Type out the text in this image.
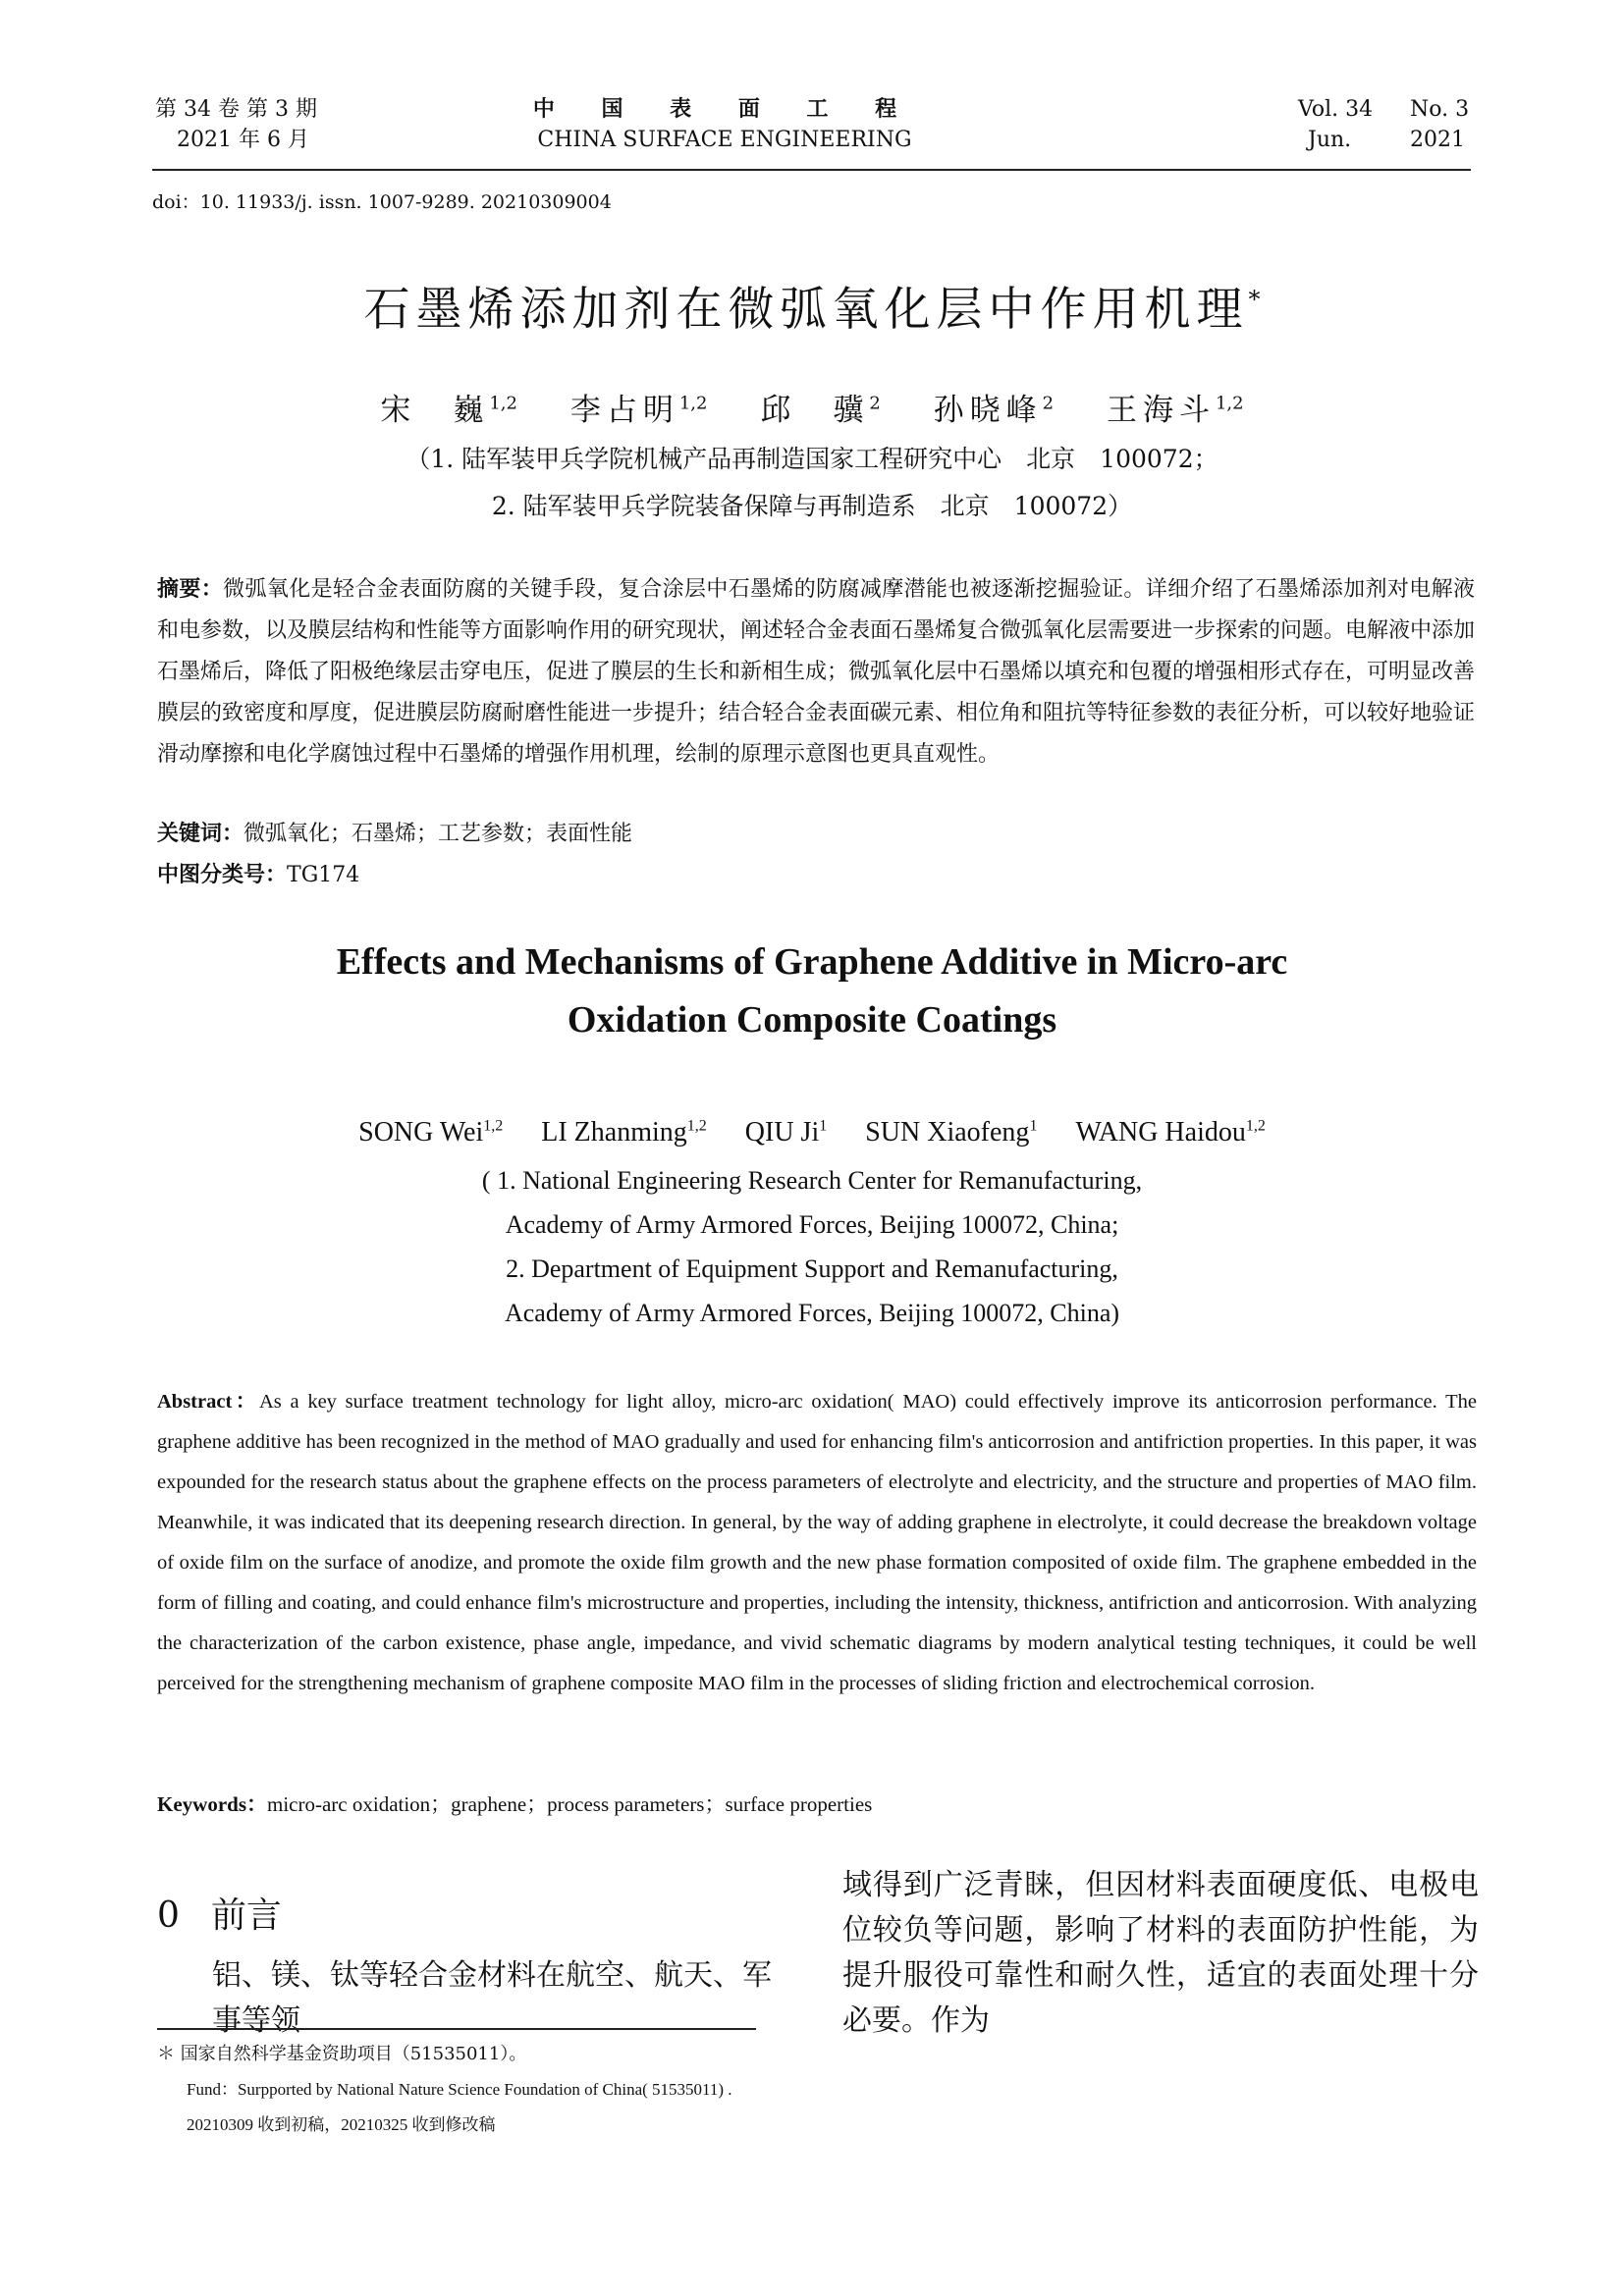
第 34 卷 第 3 期
2021 年 6 月
中 国 表 面 工 程
CHINA SURFACE ENGINEERING
Vol. 34
Jun.
No. 3
2021
doi：10. 11933/j. issn. 1007-9289. 20210309004
石墨烯添加剂在微弧氧化层中作用机理*
宋　巍$^{1,2}$ 李占明$^{1,2}$ 邱　骥$^2$ 孙晓峰$^2$ 王海斗$^{1,2}$
（1. 陆军装甲兵学院机械产品再制造国家工程研究中心　北京　100072；
2. 陆军装甲兵学院装备保障与再制造系　北京　100072）
摘要：微弧氧化是轻合金表面防腐的关键手段，复合涂层中石墨烯的防腐减摩潜能也被逐渐挖掘验证。详细介绍了石墨烯添加剂对电解液和电参数，以及膜层结构和性能等方面影响作用的研究现状，阐述轻合金表面石墨烯复合微弧氧化层需要进一步探索的问题。电解液中添加石墨烯后，降低了阳极绝缘层击穿电压，促进了膜层的生长和新相生成；微弧氧化层中石墨烯以填充和包覆的增强相形式存在，可明显改善膜层的致密度和厚度，促进膜层防腐耐磨性能进一步提升；结合轻合金表面碳元素、相位角和阻抗等特征参数的表征分析，可以较好地验证滑动摩擦和电化学腐蚀过程中石墨烯的增强作用机理，绘制的原理示意图也更具直观性。
关键词：微弧氧化；石墨烯；工艺参数；表面性能
中图分类号：TG174
Effects and Mechanisms of Graphene Additive in Micro-arc
Oxidation Composite Coatings
SONG Wei$^{1,2}$ LI Zhanming$^{1,2}$ QIU Ji$^1$ SUN Xiaofeng$^1$ WANG Haidou$^{1,2}$
( 1. National Engineering Research Center for Remanufacturing,
Academy of Army Armored Forces, Beijing 100072, China;
2. Department of Equipment Support and Remanufacturing,
Academy of Army Armored Forces, Beijing 100072, China)
Abstract：As a key surface treatment technology for light alloy, micro-arc oxidation( MAO) could effectively improve its anticorrosion performance. The graphene additive has been recognized in the method of MAO gradually and used for enhancing film's anticorrosion and antifriction properties. In this paper, it was expounded for the research status about the graphene effects on the process parameters of electrolyte and electricity, and the structure and properties of MAO film. Meanwhile, it was indicated that its deepening research direction. In general, by the way of adding graphene in electrolyte, it could decrease the breakdown voltage of oxide film on the surface of anodize, and promote the oxide film growth and the new phase formation composited of oxide film. The graphene embedded in the form of filling and coating, and could enhance film's microstructure and properties, including the intensity, thickness, antifriction and anticorrosion. With analyzing the characterization of the carbon existence, phase angle, impedance, and vivid schematic diagrams by modern analytical testing techniques, it could be well perceived for the strengthening mechanism of graphene composite MAO film in the processes of sliding friction and electrochemical corrosion.
Keywords：micro-arc oxidation；graphene；process parameters；surface properties
0 前言
铝、镁、钛等轻合金材料在航空、航天、军事等领
域得到广泛青睐，但因材料表面硬度低、电极电位较负等问题，影响了材料的表面防护性能，为提升服役可靠性和耐久性，适宜的表面处理十分必要。作为
＊ 国家自然科学基金资助项目（51535011）。
Fund：Surpported by National Nature Science Foundation of China( 51535011) .
20210309 收到初稿，20210325 收到修改稿
